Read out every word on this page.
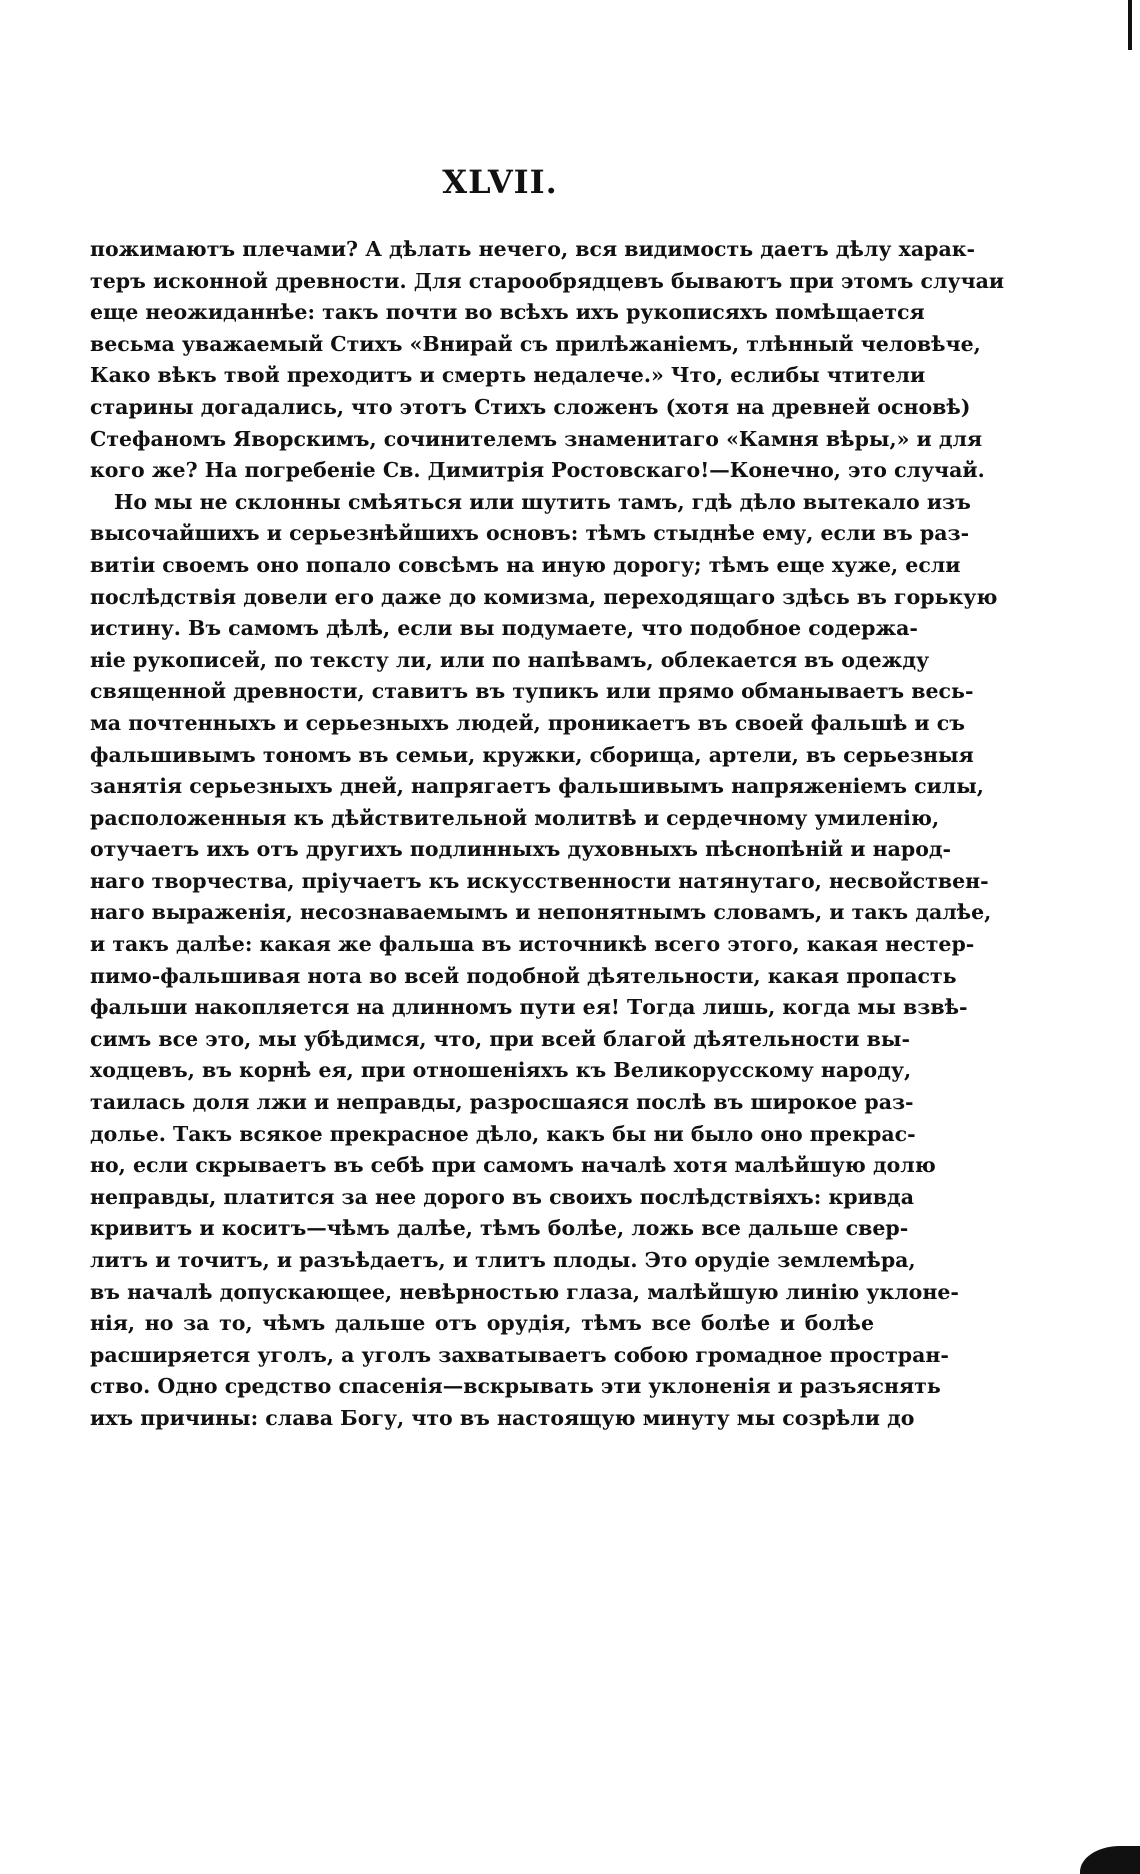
XLVII.
пожимаютъ плечами? А дѣлать нечего, вся видимость даетъ дѣлу харак-
теръ исконной древности. Для старообрядцевъ бываютъ при этомъ случаи
еще неожиданнѣе: такъ почти во всѣхъ ихъ рукописяхъ помѣщается
весьма уважаемый Стихъ «Внирай съ прилѣжаніемъ, тлѣнный человѣче,
Како вѣкъ твой преходитъ и смерть недалече.» Что, еслибы чтители
старины догадались, что этотъ Стихъ сложенъ (хотя на древней основѣ)
Стефаномъ Яворскимъ, сочинителемъ знаменитаго «Камня вѣры,» и для
кого же? На погребеніе Св. Димитрія Ростовскаго!—Конечно, это случай.
Но мы не склонны смѣяться или шутить тамъ, гдѣ дѣло вытекало изъ
высочайшихъ и серьезнѣйшихъ основъ: тѣмъ стыднѣе ему, если въ раз-
витіи своемъ оно попало совсѣмъ на иную дорогу; тѣмъ еще хуже, если
послѣдствія довели его даже до комизма, переходящаго здѣсь въ горькую
истину. Въ самомъ дѣлѣ, если вы подумаете, что подобное содержа-
ніе рукописей, по тексту ли, или по напѣвамъ, облекается въ одежду
священной древности, ставитъ въ тупикъ или прямо обманываетъ весь-
ма почтенныхъ и серьезныхъ людей, проникаетъ въ своей фальшѣ и съ
фальшивымъ тономъ въ семьи, кружки, сборища, артели, въ серьезныя
занятія серьезныхъ дней, напрягаетъ фальшивымъ напряженіемъ силы,
расположенныя къ дѣйствительной молитвѣ и сердечному умиленію,
отучаетъ ихъ отъ другихъ подлинныхъ духовныхъ пѣснопѣній и народ-
наго творчества, пріучаетъ къ искусственности натянутаго, несвойствен-
наго выраженія, несознаваемымъ и непонятнымъ словамъ, и такъ далѣе,
и такъ далѣе: какая же фальша въ источникѣ всего этого, какая нестер-
пимо-фальшивая нота во всей подобной дѣятельности, какая пропасть
фальши накопляется на длинномъ пути ея! Тогда лишь, когда мы взвѣ-
симъ все это, мы убѣдимся, что, при всей благой дѣятельности вы-
ходцевъ, въ корнѣ ея, при отношеніяхъ къ Великорусскому народу,
таилась доля лжи и неправды, разросшаяся послѣ въ широкое раз-
долье. Такъ всякое прекрасное дѣло, какъ бы ни было оно прекрас-
но, если скрываетъ въ себѣ при самомъ началѣ хотя малѣйшую долю
неправды, платится за нее дорого въ своихъ послѣдствіяхъ: кривда
кривитъ и коситъ—чѣмъ далѣе, тѣмъ болѣе, ложь все дальше свер-
литъ и точитъ, и разъѣдаетъ, и тлитъ плоды. Это орудіе землемѣра,
въ началѣ допускающее, невѣрностью глаза, малѣйшую линію уклоне-
нія, но за то, чѣмъ дальше отъ орудія, тѣмъ все болѣе и болѣе
расширяется уголъ, а уголъ захватываетъ собою громадное простран-
ство. Одно средство спасенія—вскрывать эти уклоненія и разъяснять
ихъ причины: слава Богу, что въ настоящую минуту мы созрѣли до
